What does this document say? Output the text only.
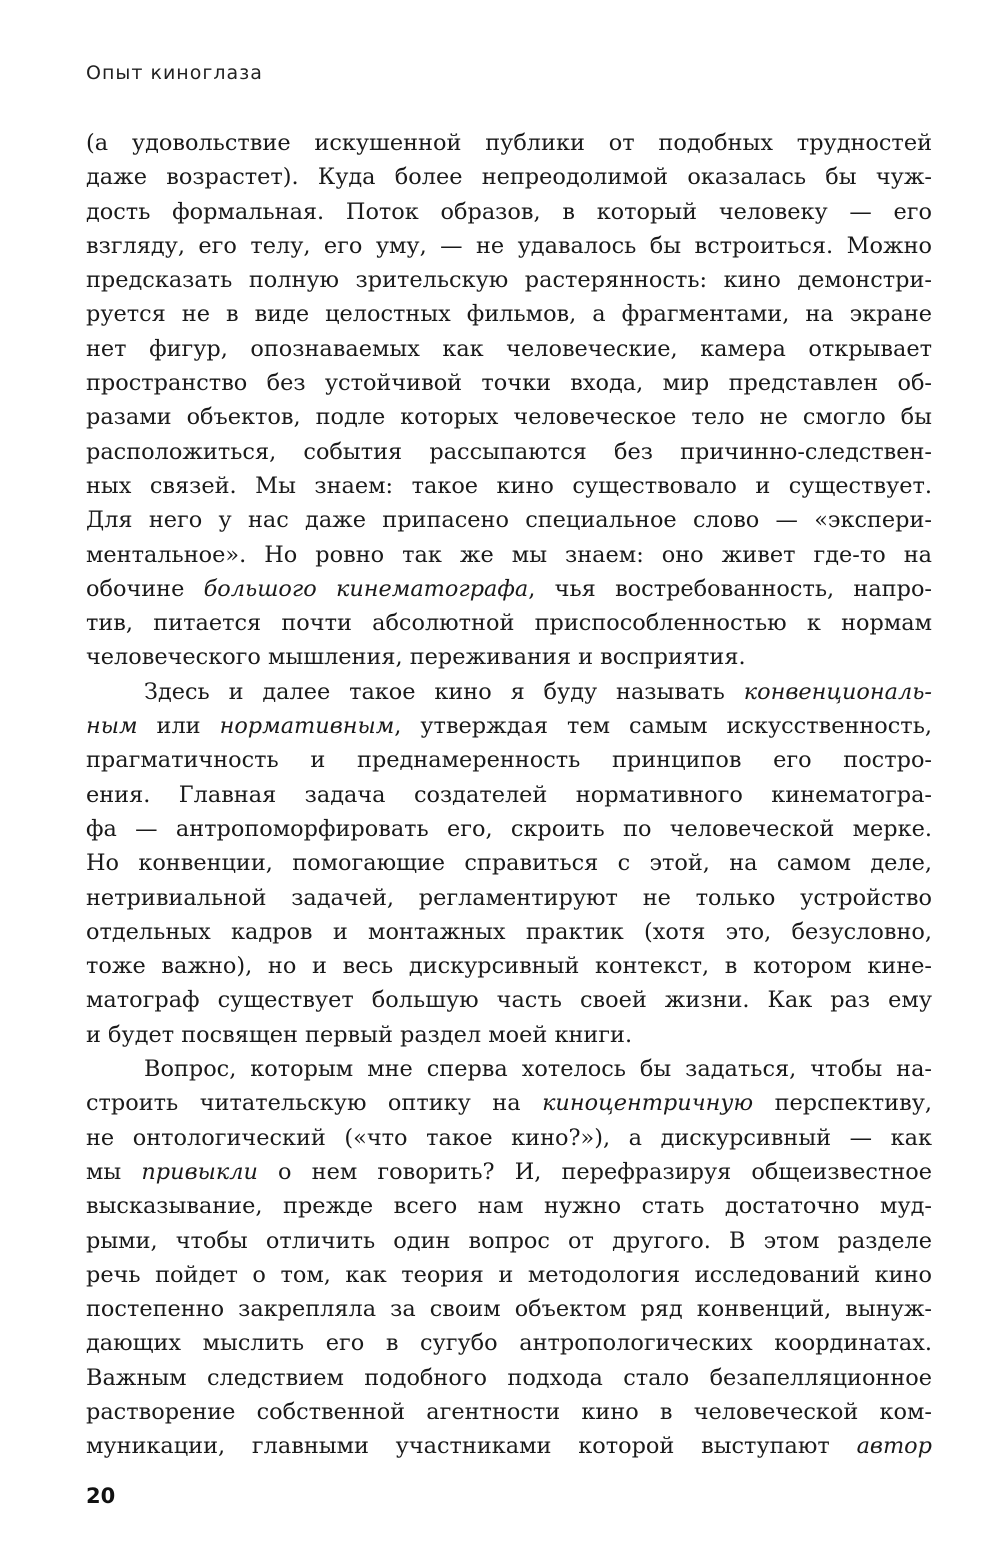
Опыт киноглаза
(а удовольствие искушенной публики от подобных трудностей
даже возрастет). Куда более непреодолимой оказалась бы чуж-
дость формальная. Поток образов, в который человеку — его
взгляду, его телу, его уму, — не удавалось бы встроиться. Можно
предсказать полную зрительскую растерянность: кино демонстри-
руется не в виде целостных фильмов, а фрагментами, на экране
нет фигур, опознаваемых как человеческие, камера открывает
пространство без устойчивой точки входа, мир представлен об-
разами объектов, подле которых человеческое тело не смогло бы
расположиться, события рассыпаются без причинно-следствен-
ных связей. Мы знаем: такое кино существовало и существует.
Для него у нас даже припасено специальное слово — «экспери-
ментальное». Но ровно так же мы знаем: оно живет где-то на
обочине большого кинематографа, чья востребованность, напро-
тив, питается почти абсолютной приспособленностью к нормам
человеческого мышления, переживания и восприятия.
Здесь и далее такое кино я буду называть конвенциональ-
ным или нормативным, утверждая тем самым искусственность,
прагматичность и преднамеренность принципов его постро-
ения. Главная задача создателей нормативного кинематогра-
фа — антропоморфировать его, скроить по человеческой мерке.
Но конвенции, помогающие справиться с этой, на самом деле,
нетривиальной задачей, регламентируют не только устройство
отдельных кадров и монтажных практик (хотя это, безусловно,
тоже важно), но и весь дискурсивный контекст, в котором кине-
матограф существует большую часть своей жизни. Как раз ему
и будет посвящен первый раздел моей книги.
Вопрос, которым мне сперва хотелось бы задаться, чтобы на-
строить читательскую оптику на киноцентричную перспективу,
не онтологический («что такое кино?»), а дискурсивный — как
мы привыкли о нем говорить? И, перефразируя общеизвестное
высказывание, прежде всего нам нужно стать достаточно муд-
рыми, чтобы отличить один вопрос от другого. В этом разделе
речь пойдет о том, как теория и методология исследований кино
постепенно закрепляла за своим объектом ряд конвенций, вынуж-
дающих мыслить его в сугубо антропологических координатах.
Важным следствием подобного подхода стало безапелляционное
растворение собственной агентности кино в человеческой ком-
муникации, главными участниками которой выступают автор
20
